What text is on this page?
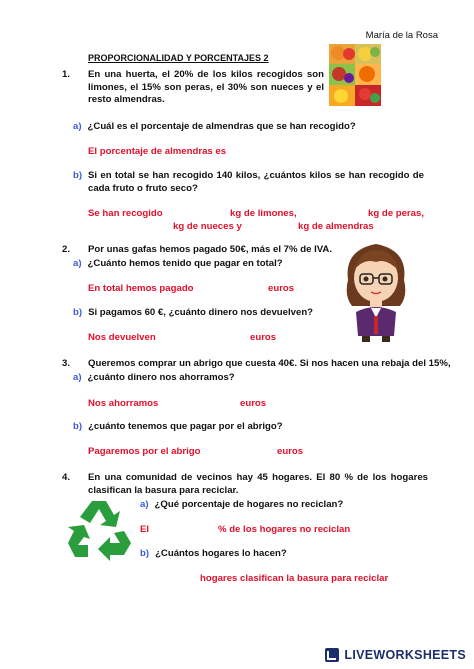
María de la Rosa
PROPORCIONALIDAD Y PORCENTAJES 2
1. En una huerta, el 20% de los kilos recogidos son limones, el 15% son peras, el 30% son nueces y el resto almendras.
a) ¿Cuál es el porcentaje de almendras que se han recogido?
El porcentaje de almendras es
b) Si en total se han recogido 140 kilos, ¿cuántos kilos se han recogido de cada fruto o fruto seco?
Se han recogido	kg de limones,	kg de peras,
kg de nueces y	kg de almendras
2. Por unas gafas hemos pagado 50€, más el 7% de IVA.
a) ¿Cuánto hemos tenido que pagar en total?
En total hemos pagado	euros
b) Si pagamos 60 €, ¿cuánto dinero nos devuelven?
Nos devuelven	euros
3. Queremos comprar un abrigo que cuesta 40€. Si nos hacen una rebaja del 15%,
a) ¿cuánto dinero nos ahorramos?
Nos ahorramos	euros
b) ¿cuánto tenemos que pagar por el abrigo?
Pagaremos por el abrigo	euros
4. En una comunidad de vecinos hay 45 hogares. El 80 % de los hogares clasifican la basura para reciclar.
a) ¿Qué porcentaje de hogares no reciclan?
El	% de los hogares no reciclan
b) ¿Cuántos hogares lo hacen?
hogares clasifican la basura para reciclar
LIVEWORKSHEETS
